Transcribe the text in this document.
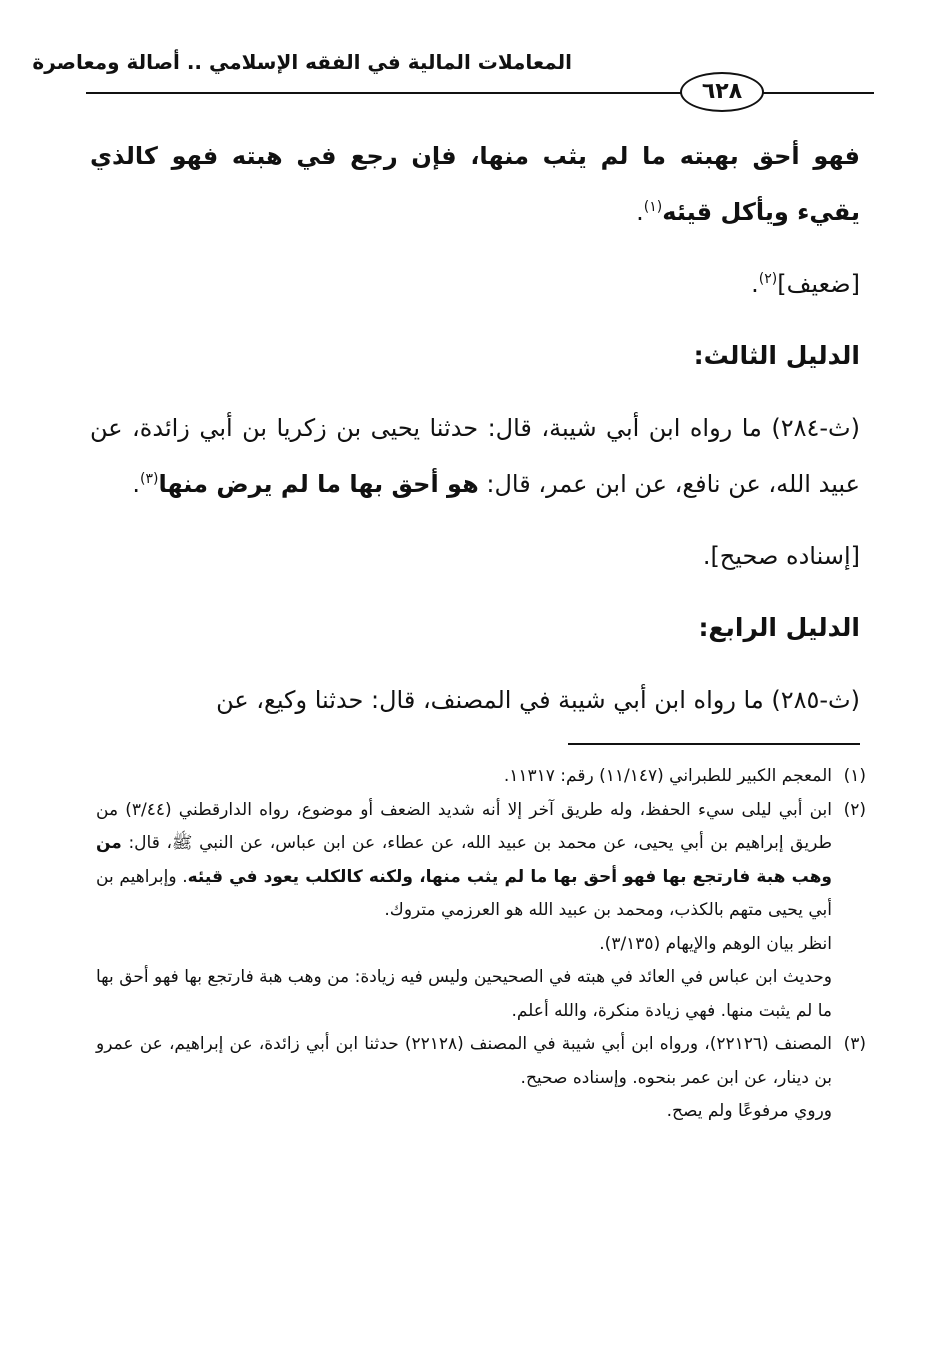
المعاملات المالية في الفقه الإسلامي .. أصالة ومعاصرة
٦٢٨

فهو أحق بهبته ما لم يثب منها، فإن رجع في هبته فهو كالذي يقيء ويأكل قيئه$^{(١)}$.

[ضعيف]$^{(٢)}$.

الدليل الثالث:

(ث-٢٨٤) ما رواه ابن أبي شيبة، قال: حدثنا يحيى بن زكريا بن أبي زائدة، عن عبيد الله، عن نافع، عن ابن عمر، قال: هو أحق بها ما لم يرض منها$^{(٣)}$.

[إسناده صحيح].

الدليل الرابع:

(ث-٢٨٥) ما رواه ابن أبي شيبة في المصنف، قال: حدثنا وكيع، عن

(١)
المعجم الكبير للطبراني (١١/١٤٧) رقم: ١١٣١٧.

(٢)
ابن أبي ليلى سيء الحفظ، وله طريق آخر إلا أنه شديد الضعف أو موضوع، رواه الدارقطني (٣/٤٤) من طريق إبراهيم بن أبي يحيى، عن محمد بن عبيد الله، عن عطاء، عن ابن عباس، عن النبي ﷺ، قال: من وهب هبة فارتجع بها فهو أحق بها ما لم يثب منها، ولكنه كالكلب يعود في قيئه. وإبراهيم بن أبي يحيى متهم بالكذب، ومحمد بن عبيد الله هو العرزمي متروك.

انظر بيان الوهم والإيهام (٣/١٣٥).

وحديث ابن عباس في العائد في هبته في الصحيحين وليس فيه زيادة: من وهب هبة فارتجع بها فهو أحق بها ما لم يثبت منها. فهي زيادة منكرة، والله أعلم.

(٣)
المصنف (٢٢١٢٦)، ورواه ابن أبي شيبة في المصنف (٢٢١٢٨) حدثنا ابن أبي زائدة، عن إبراهيم، عن عمرو بن دينار، عن ابن عمر بنحوه. وإسناده صحيح.

وروي مرفوعًا ولم يصح.
